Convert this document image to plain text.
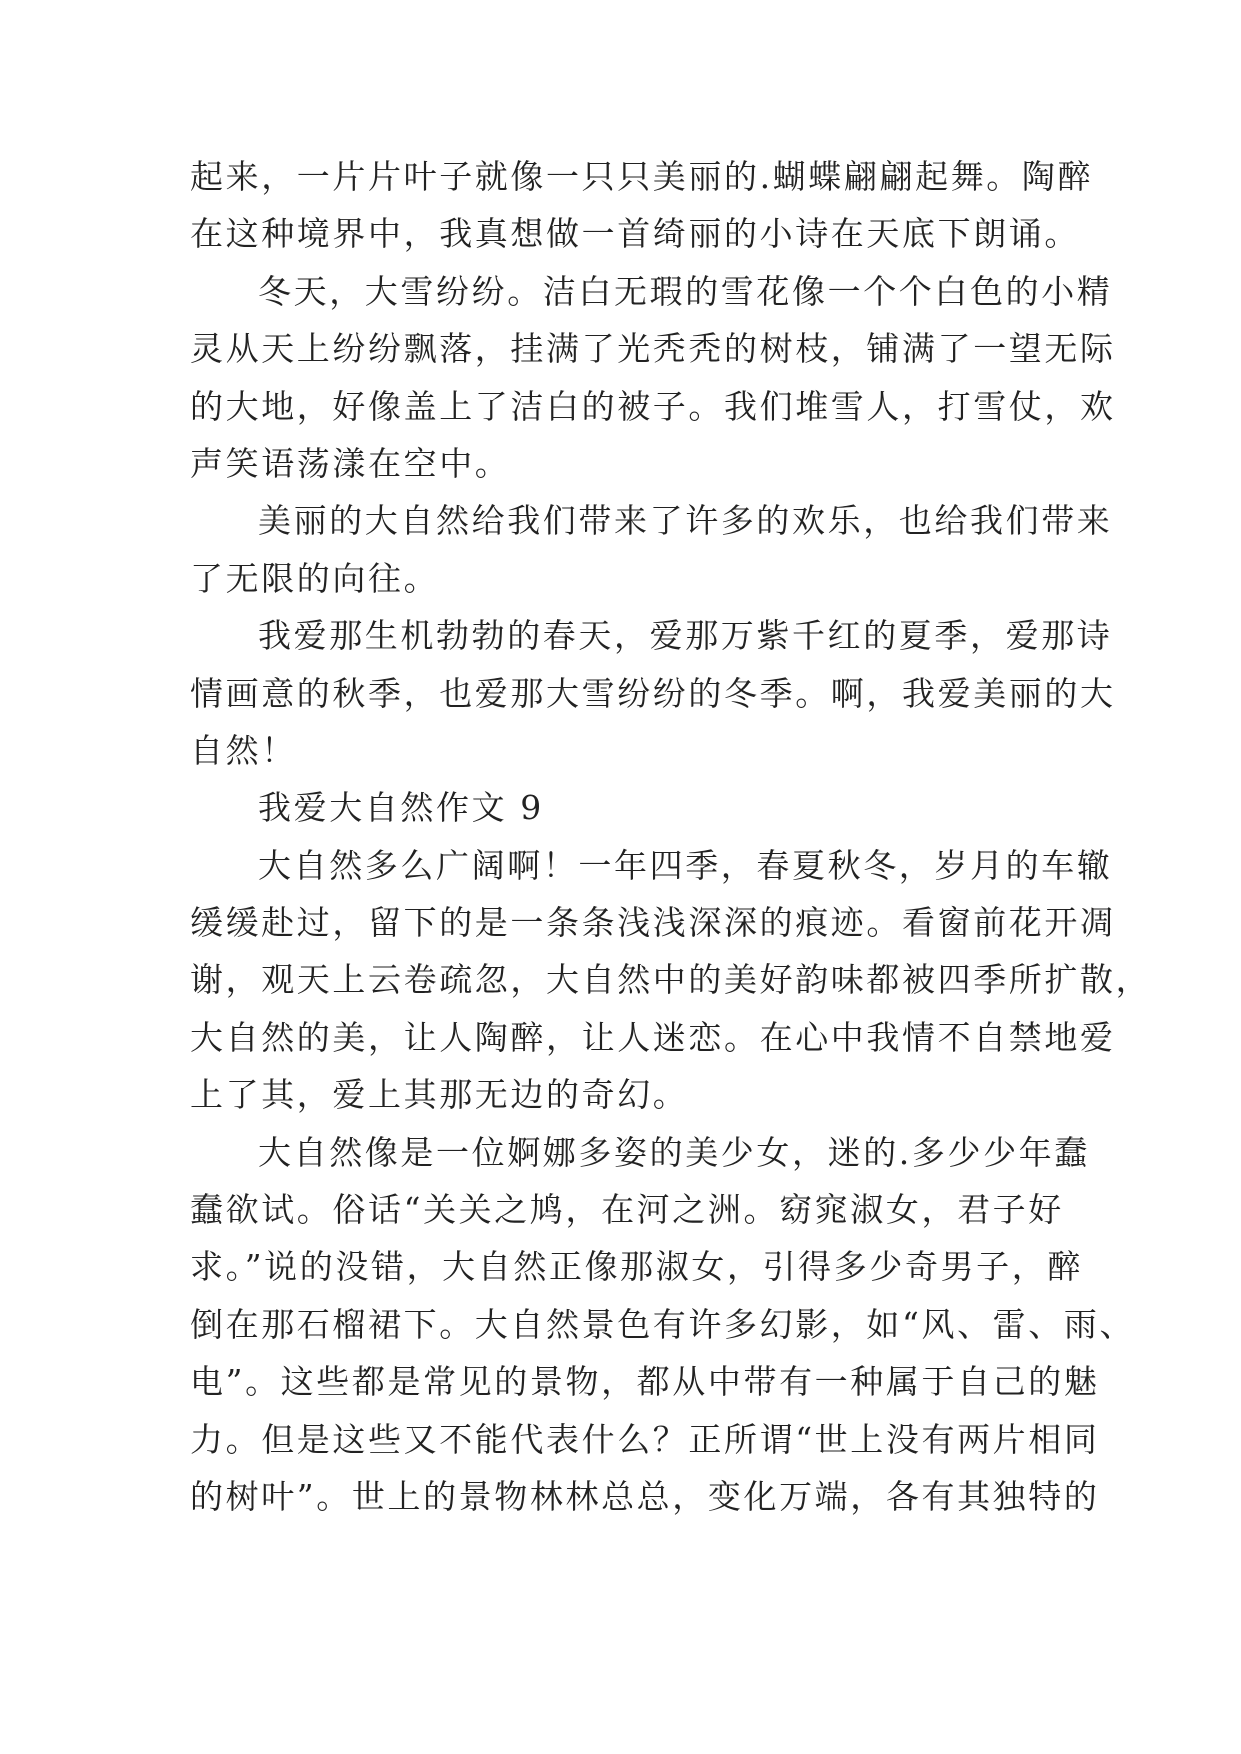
起来，一片片叶子就像一只只美丽的.蝴蝶翩翩起舞。陶醉
在这种境界中，我真想做一首绮丽的小诗在天底下朗诵。
冬天，大雪纷纷。洁白无瑕的雪花像一个个白色的小精
灵从天上纷纷飘落，挂满了光秃秃的树枝，铺满了一望无际
的大地，好像盖上了洁白的被子。我们堆雪人，打雪仗，欢
声笑语荡漾在空中。
美丽的大自然给我们带来了许多的欢乐，也给我们带来
了无限的向往。
我爱那生机勃勃的春天，爱那万紫千红的夏季，爱那诗
情画意的秋季，也爱那大雪纷纷的冬季。啊，我爱美丽的大
自然！
我爱大自然作文 9
大自然多么广阔啊！一年四季，春夏秋冬，岁月的车辙
缓缓赴过，留下的是一条条浅浅深深的痕迹。看窗前花开凋
谢，观天上云卷疏忽，大自然中的美好韵味都被四季所扩散，
大自然的美，让人陶醉，让人迷恋。在心中我情不自禁地爱
上了其，爱上其那无边的奇幻。
大自然像是一位婀娜多姿的美少女，迷的.多少少年蠢
蠢欲试。俗话“关关之鸠，在河之洲。窈窕淑女，君子好
求。”说的没错，大自然正像那淑女，引得多少奇男子，醉
倒在那石榴裙下。大自然景色有许多幻影，如“风、雷、雨、
电”。这些都是常见的景物，都从中带有一种属于自己的魅
力。但是这些又不能代表什么？正所谓“世上没有两片相同
的树叶”。世上的景物林林总总，变化万端，各有其独特的
